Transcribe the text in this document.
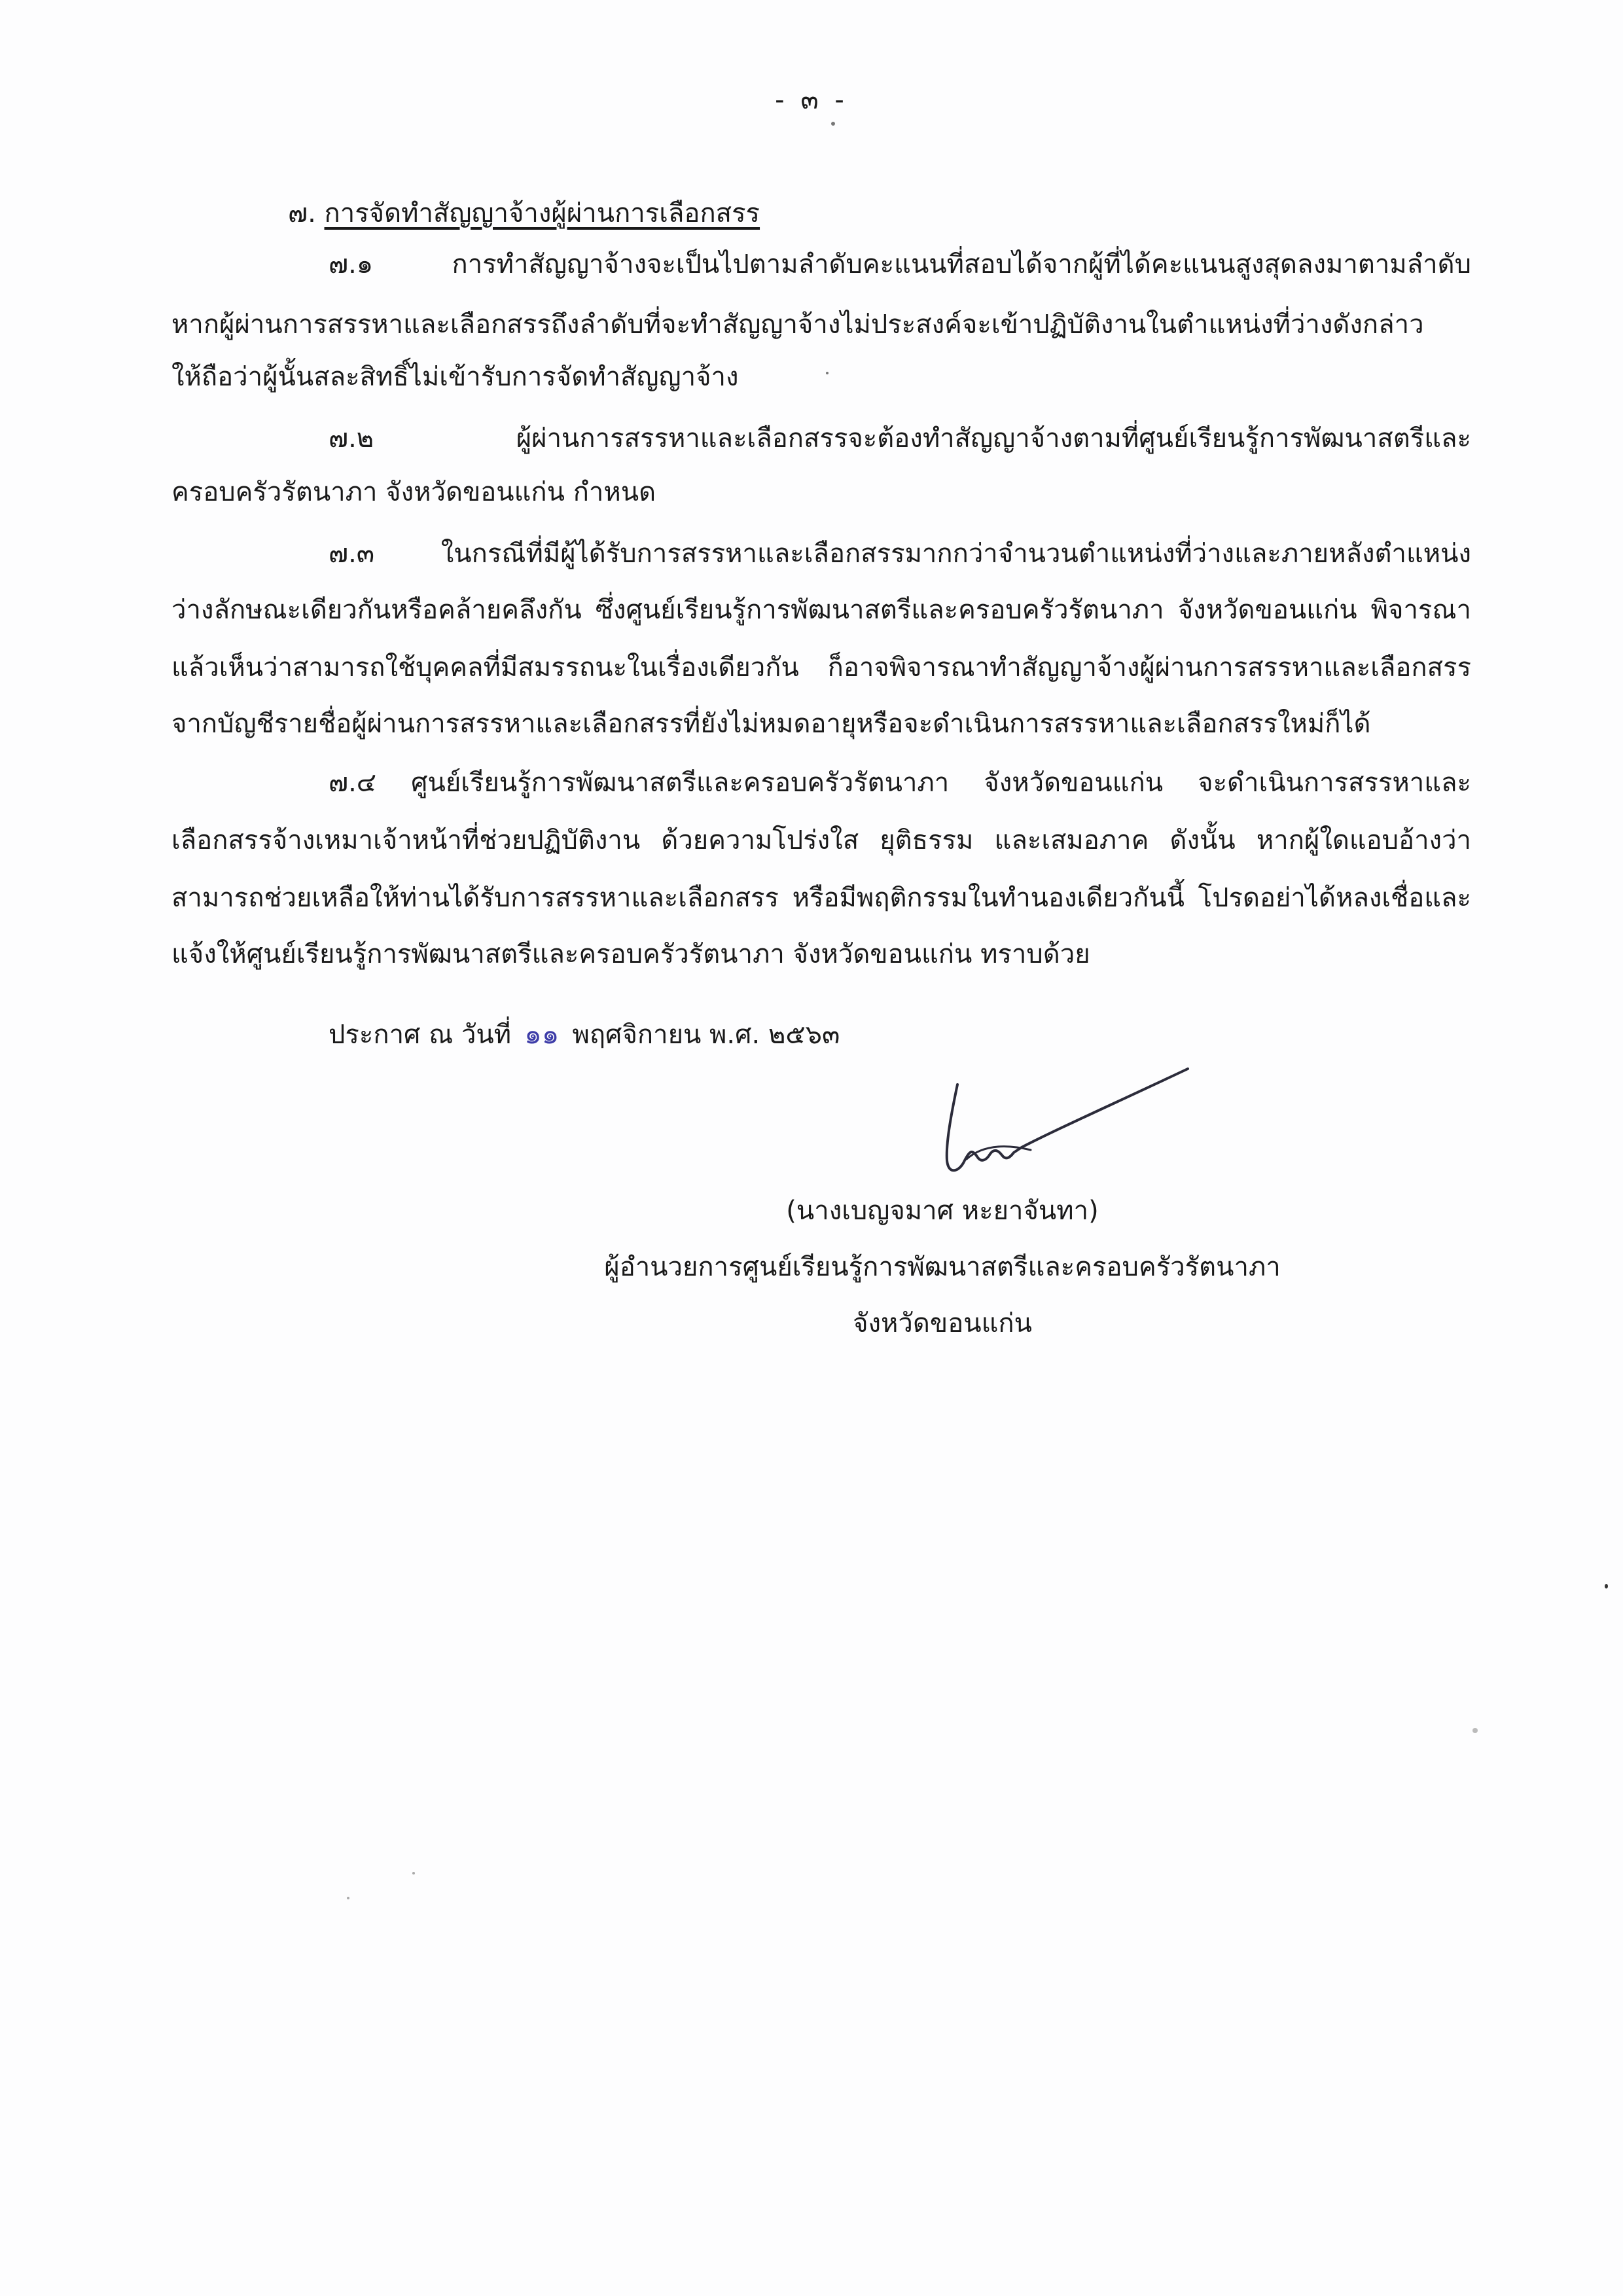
- ๓ -
๗. การจัดทำสัญญาจ้างผู้ผ่านการเลือกสรร
๗.๑ การทำสัญญาจ้างจะเป็นไปตามลำดับคะแนนที่สอบได้จากผู้ที่ได้คะแนนสูงสุดลงมาตามลำดับ
หากผู้ผ่านการสรรหาและเลือกสรรถึงลำดับที่จะทำสัญญาจ้างไม่ประสงค์จะเข้าปฏิบัติงานในตำแหน่งที่ว่างดังกล่าว
ให้ถือว่าผู้นั้นสละสิทธิ์ไม่เข้ารับการจัดทำสัญญาจ้าง
๗.๒ ผู้ผ่านการสรรหาและเลือกสรรจะต้องทำสัญญาจ้างตามที่ศูนย์เรียนรู้การพัฒนาสตรีและ
ครอบครัวรัตนาภา จังหวัดขอนแก่น กำหนด
๗.๓ ในกรณีที่มีผู้ได้รับการสรรหาและเลือกสรรมากกว่าจำนวนตำแหน่งที่ว่างและภายหลังตำแหน่ง
ว่างลักษณะเดียวกันหรือคล้ายคลึงกัน ซึ่งศูนย์เรียนรู้การพัฒนาสตรีและครอบครัวรัตนาภา จังหวัดขอนแก่น พิจารณา
แล้วเห็นว่าสามารถใช้บุคคลที่มีสมรรถนะในเรื่องเดียวกัน ก็อาจพิจารณาทำสัญญาจ้างผู้ผ่านการสรรหาและเลือกสรร
จากบัญชีรายชื่อผู้ผ่านการสรรหาและเลือกสรรที่ยังไม่หมดอายุหรือจะดำเนินการสรรหาและเลือกสรรใหม่ก็ได้
๗.๔ ศูนย์เรียนรู้การพัฒนาสตรีและครอบครัวรัตนาภา จังหวัดขอนแก่น จะดำเนินการสรรหาและ
เลือกสรรจ้างเหมาเจ้าหน้าที่ช่วยปฏิบัติงาน ด้วยความโปร่งใส ยุติธรรม และเสมอภาค ดังนั้น หากผู้ใดแอบอ้างว่า
สามารถช่วยเหลือให้ท่านได้รับการสรรหาและเลือกสรร หรือมีพฤติกรรมในทำนองเดียวกันนี้ โปรดอย่าได้หลงเชื่อและ
แจ้งให้ศูนย์เรียนรู้การพัฒนาสตรีและครอบครัวรัตนาภา จังหวัดขอนแก่น ทราบด้วย
ประกาศ ณ วันที่ ๑๑ พฤศจิกายน พ.ศ. ๒๕๖๓
(นางเบญจมาศ หะยาจันทา)
ผู้อำนวยการศูนย์เรียนรู้การพัฒนาสตรีและครอบครัวรัตนาภา
จังหวัดขอนแก่น
